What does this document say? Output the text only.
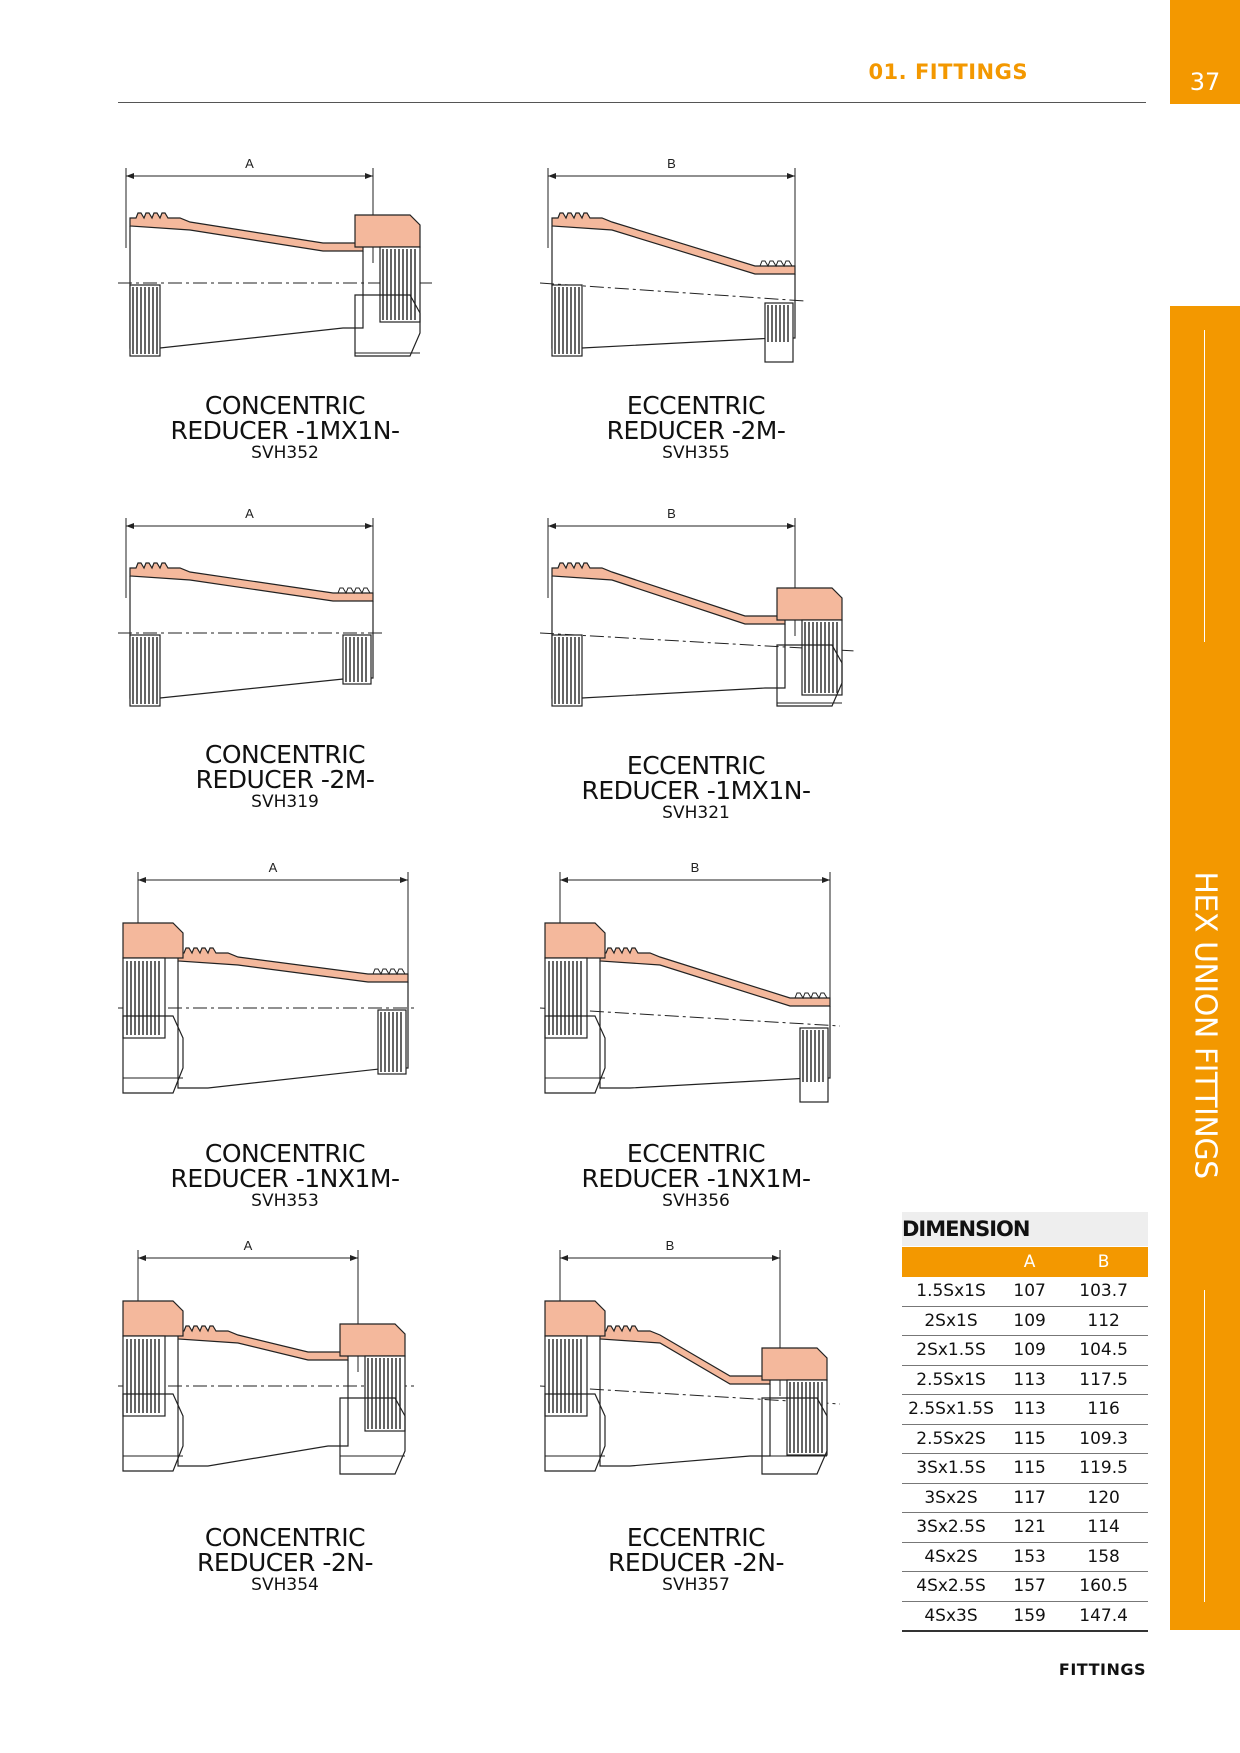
01. FITTINGS	37
HEX UNION FITTINGS
A
CONCENTRIC
REDUCER -1MX1N-
SVH352
B
ECCENTRIC
REDUCER -2M-
SVH355
A
CONCENTRIC
REDUCER -2M-
SVH319
B
ECCENTRIC
REDUCER -1MX1N-
SVH321
A
CONCENTRIC
REDUCER -1NX1M-
SVH353
B
ECCENTRIC
REDUCER -1NX1M-
SVH356
A
CONCENTRIC
REDUCER -2N-
SVH354
B
ECCENTRIC
REDUCER -2N-
SVH357
DIMENSION
	A	B
1.5Sx1S	107	103.7
2Sx1S	109	112
2Sx1.5S	109	104.5
2.5Sx1S	113	117.5
2.5Sx1.5S	113	116
2.5Sx2S	115	109.3
3Sx1.5S	115	119.5
3Sx2S	117	120
3Sx2.5S	121	114
4Sx2S	153	158
4Sx2.5S	157	160.5
4Sx3S	159	147.4
FITTINGS
